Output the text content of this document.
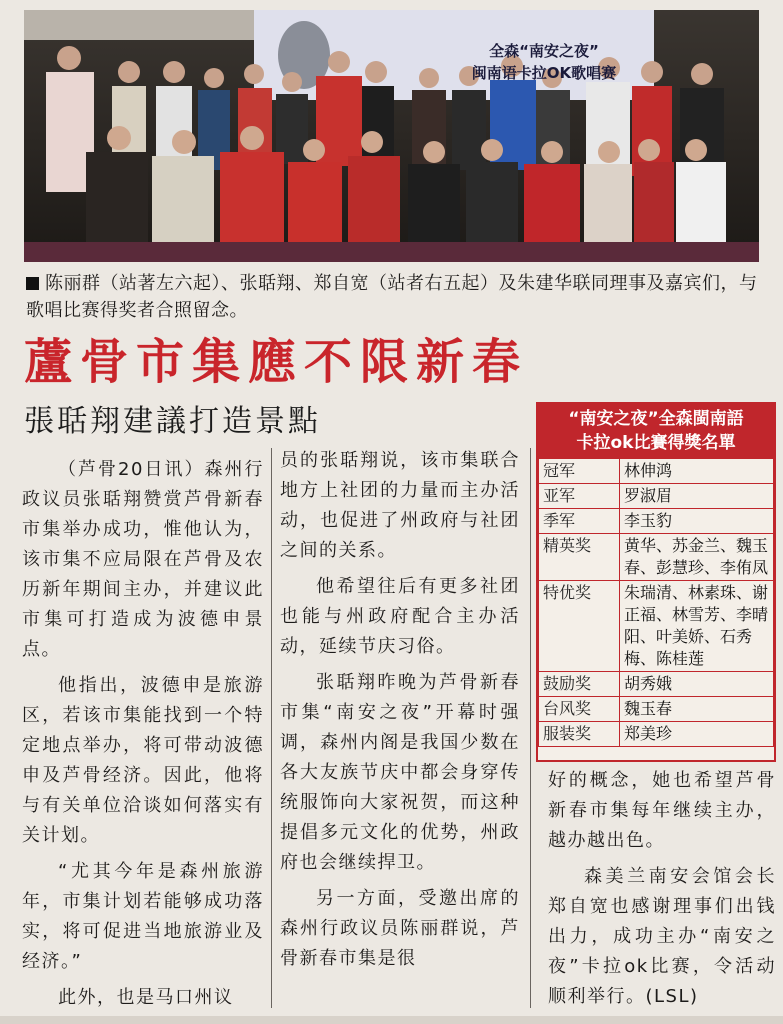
全森“南安之夜”
闽南语卡拉OK歌唱赛
陈丽群（站著左六起）、张聒翔、郑自宽（站者右五起）及朱建华联同理事及嘉宾们，与歌唱比赛得奖者合照留念。
蘆骨市集應不限新春
張聒翔建議打造景點

（芦骨20日讯）森州行政议员张聒翔赞赏芦骨新春市集举办成功，惟他认为，该市集不应局限在芦骨及农历新年期间主办，并建议此市集可打造成为波德申景点。

他指出，波德申是旅游区，若该市集能找到一个特定地点举办，将可带动波德申及芦骨经济。因此，他将与有关单位洽谈如何落实有关计划。

“尤其今年是森州旅游年，市集计划若能够成功落实，将可促进当地旅游业及经济。”

此外，也是马口州议

员的张聒翔说，该市集联合地方上社团的力量而主办活动，也促进了州政府与社团之间的关系。

他希望往后有更多社团也能与州政府配合主办活动，延续节庆习俗。

张聒翔昨晚为芦骨新春市集“南安之夜”开幕时强调，森州内阁是我国少数在各大友族节庆中都会身穿传统服饰向大家祝贺，而这种提倡多元文化的优势，州政府也会继续捍卫。

另一方面，受邀出席的森州行政议员陈丽群说，芦骨新春市集是很

“南安之夜”全森閩南語
卡拉ok比賽得獎名單
冠军	林伸鸿
亚军	罗淑眉
季军	李玉豹
精英奖	黄华、苏金兰、魏玉春、彭慧珍、李侑凤
特优奖	朱瑞清、林素珠、谢正福、林雪芳、李晴阳、叶美娇、石秀梅、陈桂莲
鼓励奖	胡秀娥
台风奖	魏玉春
服装奖	郑美珍

好的概念，她也希望芦骨新春市集每年继续主办，越办越出色。

森美兰南安会馆会长郑自宽也感谢理事们出钱出力，成功主办“南安之夜”卡拉ok比赛，令活动顺利举行。(LSL)
